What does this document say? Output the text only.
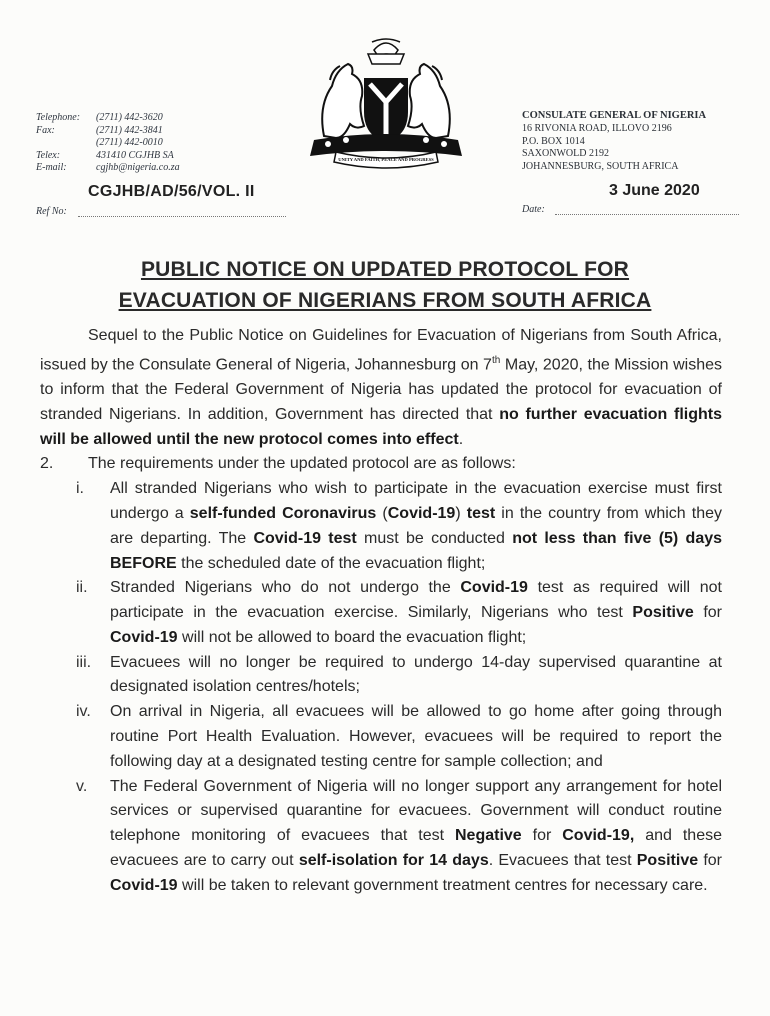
UNITY AND FAITH, PEACE AND PROGRESS
Telephone:	(2711) 442-3620
Fax:	(2711) 442-3841
(2711) 442-0010
Telex:	431410 CGJHB SA
E-mail:	cgjhb@nigeria.co.za
CGJHB/AD/56/VOL. II
Ref No:
CONSULATE GENERAL OF NIGERIA
16 RIVONIA ROAD, ILLOVO 2196
P.O. BOX 1014
SAXONWOLD 2192
JOHANNESBURG, SOUTH AFRICA
3 June 2020
Date:
PUBLIC NOTICE ON UPDATED PROTOCOL FOR
EVACUATION OF NIGERIANS FROM SOUTH AFRICA
Sequel to the Public Notice on Guidelines for Evacuation of Nigerians from South Africa, issued by the Consulate General of Nigeria, Johannesburg on 7th May, 2020, the Mission wishes to inform that the Federal Government of Nigeria has updated the protocol for evacuation of stranded Nigerians. In addition, Government has directed that no further evacuation flights will be allowed until the new protocol comes into effect.
2.	The requirements under the updated protocol are as follows:
i.	All stranded Nigerians who wish to participate in the evacuation exercise must first undergo a self-funded Coronavirus (Covid-19) test in the country from which they are departing. The Covid-19 test must be conducted not less than five (5) days BEFORE the scheduled date of the evacuation flight;
ii.	Stranded Nigerians who do not undergo the Covid-19 test as required will not participate in the evacuation exercise. Similarly, Nigerians who test Positive for Covid-19 will not be allowed to board the evacuation flight;
iii.	Evacuees will no longer be required to undergo 14-day supervised quarantine at designated isolation centres/hotels;
iv.	On arrival in Nigeria, all evacuees will be allowed to go home after going through routine Port Health Evaluation. However, evacuees will be required to report the following day at a designated testing centre for sample collection; and
v.	The Federal Government of Nigeria will no longer support any arrangement for hotel services or supervised quarantine for evacuees. Government will conduct routine telephone monitoring of evacuees that test Negative for Covid-19, and these evacuees are to carry out self-isolation for 14 days. Evacuees that test Positive for Covid-19 will be taken to relevant government treatment centres for necessary care.
